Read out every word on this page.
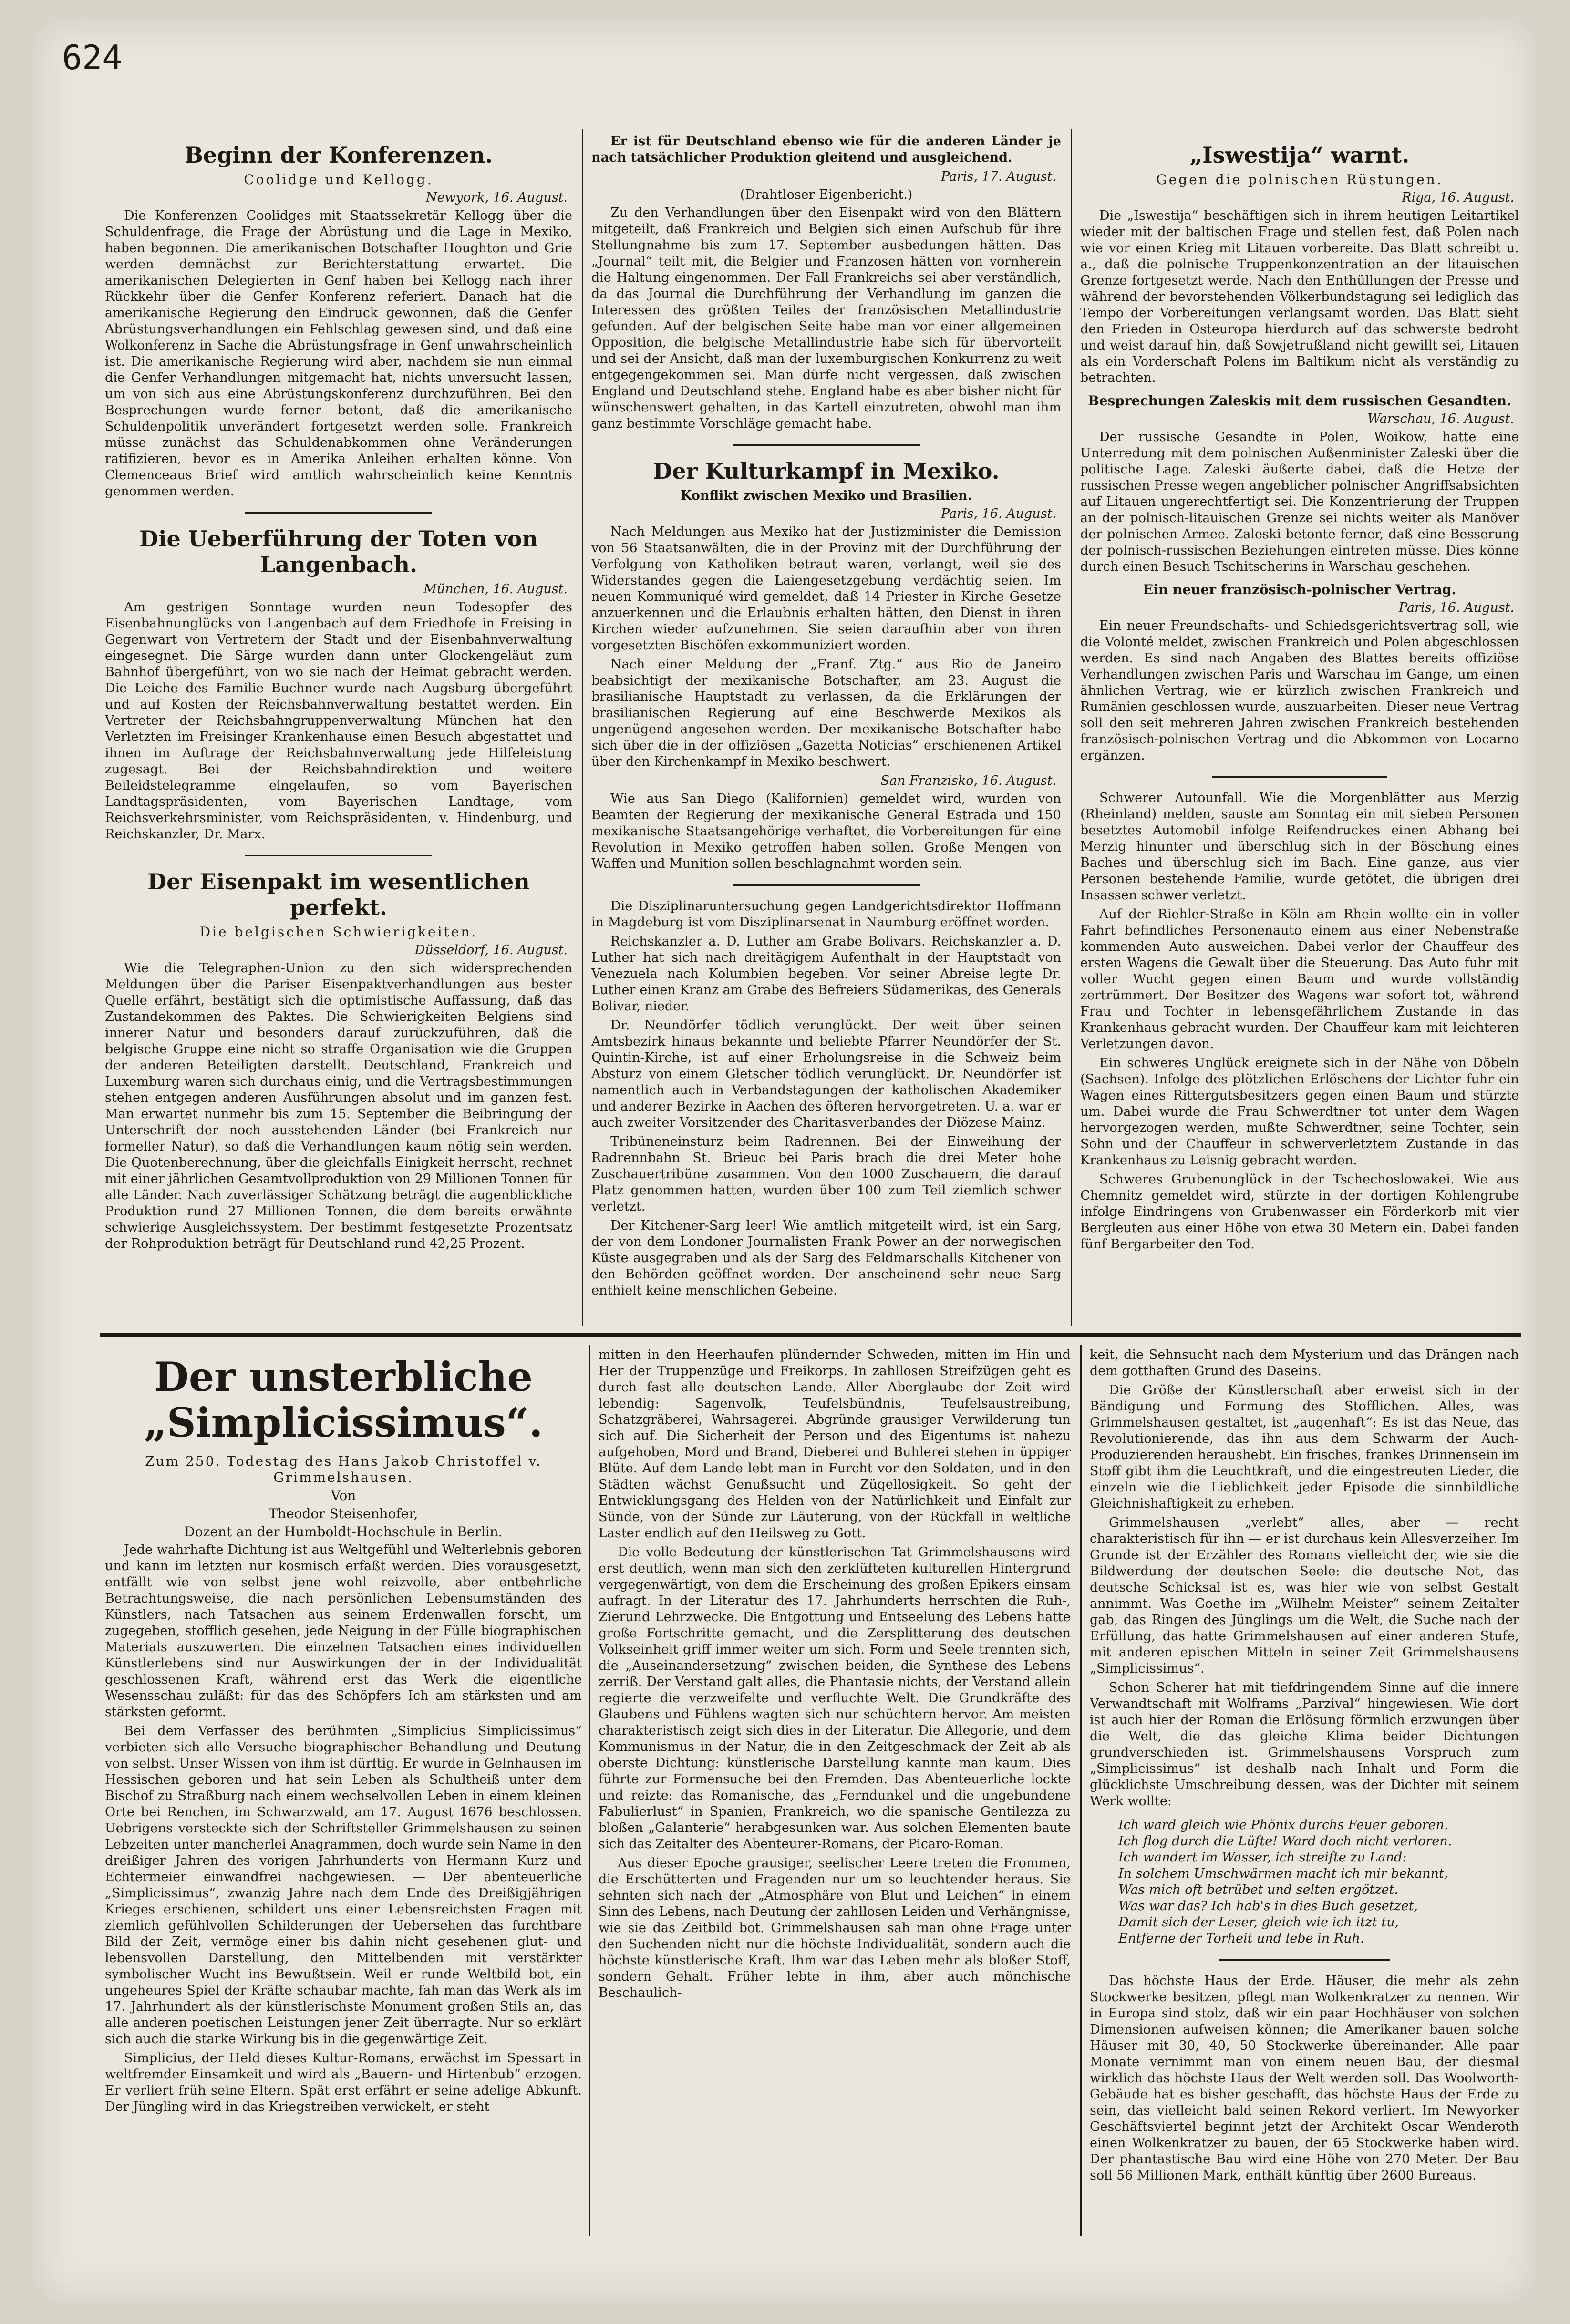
624
Beginn der Konferenzen.
Coolidge und Kellogg.
Newyork, 16. August.

Die Konferenzen Coolidges mit Staatssekretär Kellogg über die Schuldenfrage, die Frage der Abrüstung und die Lage in Mexiko, haben begonnen. Die amerikanischen Botschafter Houghton und Grie werden demnächst zur Berichterstattung erwartet. Die amerikanischen Delegierten in Genf haben bei Kellogg nach ihrer Rückkehr über die Genfer Konferenz referiert. Danach hat die amerikanische Regierung den Eindruck gewonnen, daß die Genfer Abrüstungsverhandlungen ein Fehlschlag gewesen sind, und daß eine Wolkonferenz in Sache die Abrüstungsfrage in Genf unwahrscheinlich ist. Die amerikanische Regierung wird aber, nachdem sie nun einmal die Genfer Verhandlungen mitgemacht hat, nichts unversucht lassen, um von sich aus eine Abrüstungskonferenz durchzuführen. Bei den Besprechungen wurde ferner betont, daß die amerikanische Schuldenpolitik unverändert fortgesetzt werden solle. Frankreich müsse zunächst das Schuldenabkommen ohne Veränderungen ratifizieren, bevor es in Amerika Anleihen erhalten könne. Von Clemenceaus Brief wird amtlich wahrscheinlich keine Kenntnis genommen werden.

Die Ueberführung der Toten von Langenbach.
München, 16. August.

Am gestrigen Sonntage wurden neun Todesopfer des Eisenbahnunglücks von Langenbach auf dem Friedhofe in Freising in Gegenwart von Vertretern der Stadt und der Eisenbahnverwaltung eingesegnet. Die Särge wurden dann unter Glockengeläut zum Bahnhof übergeführt, von wo sie nach der Heimat gebracht werden. Die Leiche des Familie Buchner wurde nach Augsburg übergeführt und auf Kosten der Reichsbahnverwaltung bestattet werden. Ein Vertreter der Reichsbahngruppenverwaltung München hat den Verletzten im Freisinger Krankenhause einen Besuch abgestattet und ihnen im Auftrage der Reichsbahnverwaltung jede Hilfeleistung zugesagt. Bei der Reichsbahndirektion und weitere Beileidstelegramme eingelaufen, so vom Bayerischen Landtagspräsidenten, vom Bayerischen Landtage, vom Reichsverkehrsminister, vom Reichspräsidenten, v. Hindenburg, und Reichskanzler, Dr. Marx.

Der Eisenpakt im wesentlichen perfekt.
Die belgischen Schwierigkeiten.
Düsseldorf, 16. August.

Wie die Telegraphen-Union zu den sich widersprechenden Meldungen über die Pariser Eisenpaktverhandlungen aus bester Quelle erfährt, bestätigt sich die optimistische Auffassung, daß das Zustandekommen des Paktes. Die Schwierigkeiten Belgiens sind innerer Natur und besonders darauf zurückzuführen, daß die belgische Gruppe eine nicht so straffe Organisation wie die Gruppen der anderen Beteiligten darstellt. Deutschland, Frankreich und Luxemburg waren sich durchaus einig, und die Vertragsbestimmungen stehen entgegen anderen Ausführungen absolut und im ganzen fest. Man erwartet nunmehr bis zum 15. September die Beibringung der Unterschrift der noch ausstehenden Länder (bei Frankreich nur formeller Natur), so daß die Verhandlungen kaum nötig sein werden. Die Quotenberechnung, über die gleichfalls Einigkeit herrscht, rechnet mit einer jährlichen Gesamtvollproduktion von 29 Millionen Tonnen für alle Länder. Nach zuverlässiger Schätzung beträgt die augenblickliche Produktion rund 27 Millionen Tonnen, die dem bereits erwähnte schwierige Ausgleichssystem. Der bestimmt festgesetzte Prozentsatz der Rohproduktion beträgt für Deutschland rund 42,25 Prozent.

Er ist für Deutschland ebenso wie für die anderen Länder je nach tatsächlicher Produktion gleitend und ausgleichend.

Paris, 17. August.
(Drahtloser Eigenbericht.)

Zu den Verhandlungen über den Eisenpakt wird von den Blättern mitgeteilt, daß Frankreich und Belgien sich einen Aufschub für ihre Stellungnahme bis zum 17. September ausbedungen hätten. Das „Journal“ teilt mit, die Belgier und Franzosen hätten von vornherein die Haltung eingenommen. Der Fall Frankreichs sei aber verständlich, da das Journal die Durchführung der Verhandlung im ganzen die Interessen des größten Teiles der französischen Metallindustrie gefunden. Auf der belgischen Seite habe man vor einer allgemeinen Opposition, die belgische Metallindustrie habe sich für übervorteilt und sei der Ansicht, daß man der luxemburgischen Konkurrenz zu weit entgegengekommen sei. Man dürfe nicht vergessen, daß zwischen England und Deutschland stehe. England habe es aber bisher nicht für wünschenswert gehalten, in das Kartell einzutreten, obwohl man ihm ganz bestimmte Vorschläge gemacht habe.

Der Kulturkampf in Mexiko.
Konflikt zwischen Mexiko und Brasilien.
Paris, 16. August.

Nach Meldungen aus Mexiko hat der Justizminister die Demission von 56 Staatsanwälten, die in der Provinz mit der Durchführung der Verfolgung von Katholiken betraut waren, verlangt, weil sie des Widerstandes gegen die Laiengesetzgebung verdächtig seien. Im neuen Kommuniqué wird gemeldet, daß 14 Priester in Kirche Gesetze anzuerkennen und die Erlaubnis erhalten hätten, den Dienst in ihren Kirchen wieder aufzunehmen. Sie seien daraufhin aber von ihren vorgesetzten Bischöfen exkommuniziert worden.

Nach einer Meldung der „Franf. Ztg.“ aus Rio de Janeiro beabsichtigt der mexikanische Botschafter, am 23. August die brasilianische Hauptstadt zu verlassen, da die Erklärungen der brasilianischen Regierung auf eine Beschwerde Mexikos als ungenügend angesehen werden. Der mexikanische Botschafter habe sich über die in der offiziösen „Gazetta Noticias“ erschienenen Artikel über den Kirchenkampf in Mexiko beschwert.

San Franzisko, 16. August.

Wie aus San Diego (Kalifornien) gemeldet wird, wurden von Beamten der Regierung der mexikanische General Estrada und 150 mexikanische Staatsangehörige verhaftet, die Vorbereitungen für eine Revolution in Mexiko getroffen haben sollen. Große Mengen von Waffen und Munition sollen beschlagnahmt worden sein.

Die Disziplinaruntersuchung gegen Landgerichtsdirektor Hoffmann in Magdeburg ist vom Disziplinarsenat in Naumburg eröffnet worden.

Reichskanzler a. D. Luther am Grabe Bolivars. Reichskanzler a. D. Luther hat sich nach dreitägigem Aufenthalt in der Hauptstadt von Venezuela nach Kolumbien begeben. Vor seiner Abreise legte Dr. Luther einen Kranz am Grabe des Befreiers Südamerikas, des Generals Bolivar, nieder.

Dr. Neundörfer tödlich verunglückt. Der weit über seinen Amtsbezirk hinaus bekannte und beliebte Pfarrer Neundörfer der St. Quintin-Kirche, ist auf einer Erholungsreise in die Schweiz beim Absturz von einem Gletscher tödlich verunglückt. Dr. Neundörfer ist namentlich auch in Verbandstagungen der katholischen Akademiker und anderer Bezirke in Aachen des öfteren hervorgetreten. U. a. war er auch zweiter Vorsitzender des Charitasverbandes der Diözese Mainz.

Tribüneneinsturz beim Radrennen. Bei der Einweihung der Radrennbahn St. Brieuc bei Paris brach die drei Meter hohe Zuschauertribüne zusammen. Von den 1000 Zuschauern, die darauf Platz genommen hatten, wurden über 100 zum Teil ziemlich schwer verletzt.

Der Kitchener-Sarg leer! Wie amtlich mitgeteilt wird, ist ein Sarg, der von dem Londoner Journalisten Frank Power an der norwegischen Küste ausgegraben und als der Sarg des Feldmarschalls Kitchener von den Behörden geöffnet worden. Der anscheinend sehr neue Sarg enthielt keine menschlichen Gebeine.

„Iswestija“ warnt.
Gegen die polnischen Rüstungen.
Riga, 16. August.

Die „Iswestija“ beschäftigen sich in ihrem heutigen Leitartikel wieder mit der baltischen Frage und stellen fest, daß Polen nach wie vor einen Krieg mit Litauen vorbereite. Das Blatt schreibt u. a., daß die polnische Truppenkonzentration an der litauischen Grenze fortgesetzt werde. Nach den Enthüllungen der Presse und während der bevorstehenden Völkerbundstagung sei lediglich das Tempo der Vorbereitungen verlangsamt worden. Das Blatt sieht den Frieden in Osteuropa hierdurch auf das schwerste bedroht und weist darauf hin, daß Sowjetrußland nicht gewillt sei, Litauen als ein Vorderschaft Polens im Baltikum nicht als verständig zu betrachten.

Besprechungen Zaleskis mit dem russischen Gesandten.
Warschau, 16. August.

Der russische Gesandte in Polen, Woikow, hatte eine Unterredung mit dem polnischen Außenminister Zaleski über die politische Lage. Zaleski äußerte dabei, daß die Hetze der russischen Presse wegen angeblicher polnischer Angriffsabsichten auf Litauen ungerechtfertigt sei. Die Konzentrierung der Truppen an der polnisch-litauischen Grenze sei nichts weiter als Manöver der polnischen Armee. Zaleski betonte ferner, daß eine Besserung der polnisch-russischen Beziehungen eintreten müsse. Dies könne durch einen Besuch Tschitscherins in Warschau geschehen.

Ein neuer französisch-polnischer Vertrag.
Paris, 16. August.

Ein neuer Freundschafts- und Schiedsgerichtsvertrag soll, wie die Volonté meldet, zwischen Frankreich und Polen abgeschlossen werden. Es sind nach Angaben des Blattes bereits offiziöse Verhandlungen zwischen Paris und Warschau im Gange, um einen ähnlichen Vertrag, wie er kürzlich zwischen Frankreich und Rumänien geschlossen wurde, auszuarbeiten. Dieser neue Vertrag soll den seit mehreren Jahren zwischen Frankreich bestehenden französisch-polnischen Vertrag und die Abkommen von Locarno ergänzen.

Schwerer Autounfall. Wie die Morgenblätter aus Merzig (Rheinland) melden, sauste am Sonntag ein mit sieben Personen besetztes Automobil infolge Reifendruckes einen Abhang bei Merzig hinunter und überschlug sich in der Böschung eines Baches und überschlug sich im Bach. Eine ganze, aus vier Personen bestehende Familie, wurde getötet, die übrigen drei Insassen schwer verletzt.

Auf der Riehler-Straße in Köln am Rhein wollte ein in voller Fahrt befindliches Personenauto einem aus einer Nebenstraße kommenden Auto ausweichen. Dabei verlor der Chauffeur des ersten Wagens die Gewalt über die Steuerung. Das Auto fuhr mit voller Wucht gegen einen Baum und wurde vollständig zertrümmert. Der Besitzer des Wagens war sofort tot, während Frau und Tochter in lebensgefährlichem Zustande in das Krankenhaus gebracht wurden. Der Chauffeur kam mit leichteren Verletzungen davon.

Ein schweres Unglück ereignete sich in der Nähe von Döbeln (Sachsen). Infolge des plötzlichen Erlöschens der Lichter fuhr ein Wagen eines Rittergutsbesitzers gegen einen Baum und stürzte um. Dabei wurde die Frau Schwerdtner tot unter dem Wagen hervorgezogen werden, mußte Schwerdtner, seine Tochter, sein Sohn und der Chauffeur in schwerverletztem Zustande in das Krankenhaus zu Leisnig gebracht werden.

Schweres Grubenunglück in der Tschechoslowakei. Wie aus Chemnitz gemeldet wird, stürzte in der dortigen Kohlengrube infolge Eindringens von Grubenwasser ein Förderkorb mit vier Bergleuten aus einer Höhe von etwa 30 Metern ein. Dabei fanden fünf Bergarbeiter den Tod.

Der unsterbliche „Simplicissimus“.
Zum 250. Todestag des Hans Jakob Christoffel v. Grimmelshausen.
Von
Theodor Steisenhofer,
Dozent an der Humboldt-Hochschule in Berlin.

Jede wahrhafte Dichtung ist aus Weltgefühl und Welterlebnis geboren und kann im letzten nur kosmisch erfaßt werden. Dies vorausgesetzt, entfällt wie von selbst jene wohl reizvolle, aber entbehrliche Betrachtungsweise, die nach persönlichen Lebensumständen des Künstlers, nach Tatsachen aus seinem Erdenwallen forscht, um zugegeben, stofflich gesehen, jede Neigung in der Fülle biographischen Materials auszuwerten. Die einzelnen Tatsachen eines individuellen Künstlerlebens sind nur Auswirkungen der in der Individualität geschlossenen Kraft, während erst das Werk die eigentliche Wesensschau zuläßt: für das des Schöpfers Ich am stärksten und am stärksten geformt.

Bei dem Verfasser des berühmten „Simplicius Simplicissimus“ verbieten sich alle Versuche biographischer Behandlung und Deutung von selbst. Unser Wissen von ihm ist dürftig. Er wurde in Gelnhausen im Hessischen geboren und hat sein Leben als Schultheiß unter dem Bischof zu Straßburg nach einem wechselvollen Leben in einem kleinen Orte bei Renchen, im Schwarzwald, am 17. August 1676 beschlossen. Uebrigens versteckte sich der Schriftsteller Grimmelshausen zu seinen Lebzeiten unter mancherlei Anagrammen, doch wurde sein Name in den dreißiger Jahren des vorigen Jahrhunderts von Hermann Kurz und Echtermeier einwandfrei nachgewiesen. — Der abenteuerliche „Simplicissimus“, zwanzig Jahre nach dem Ende des Dreißigjährigen Krieges erschienen, schildert uns einer Lebensreichsten Fragen mit ziemlich gefühlvollen Schilderungen der Uebersehen das furchtbare Bild der Zeit, vermöge einer bis dahin nicht gesehenen glut- und lebensvollen Darstellung, den Mittelbenden mit verstärkter symbolischer Wucht ins Bewußtsein. Weil er runde Weltbild bot, ein ungeheures Spiel der Kräfte schaubar machte, fah man das Werk als im 17. Jahrhundert als der künstlerischste Monument großen Stils an, das alle anderen poetischen Leistungen jener Zeit überragte. Nur so erklärt sich auch die starke Wirkung bis in die gegenwärtige Zeit.

Simplicius, der Held dieses Kultur-Romans, erwächst im Spessart in weltfremder Einsamkeit und wird als „Bauern- und Hirtenbub“ erzogen. Er verliert früh seine Eltern. Spät erst erfährt er seine adelige Abkunft. Der Jüngling wird in das Kriegstreiben verwickelt, er steht

mitten in den Heerhaufen plündernder Schweden, mitten im Hin und Her der Truppenzüge und Freikorps. In zahllosen Streifzügen geht es durch fast alle deutschen Lande. Aller Aberglaube der Zeit wird lebendig: Sagenvolk, Teufelsbündnis, Teufelsaustreibung, Schatzgräberei, Wahrsagerei. Abgründe grausiger Verwilderung tun sich auf. Die Sicherheit der Person und des Eigentums ist nahezu aufgehoben, Mord und Brand, Dieberei und Buhlerei stehen in üppiger Blüte. Auf dem Lande lebt man in Furcht vor den Soldaten, und in den Städten wächst Genußsucht und Zügellosigkeit. So geht der Entwicklungsgang des Helden von der Natürlichkeit und Einfalt zur Sünde, von der Sünde zur Läuterung, von der Rückfall in weltliche Laster endlich auf den Heilsweg zu Gott.

Die volle Bedeutung der künstlerischen Tat Grimmelshausens wird erst deutlich, wenn man sich den zerklüfteten kulturellen Hintergrund vergegenwärtigt, von dem die Erscheinung des großen Epikers einsam aufragt. In der Literatur des 17. Jahrhunderts herrschten die Ruh-, Zierund Lehrzwecke. Die Entgottung und Entseelung des Lebens hatte große Fortschritte gemacht, und die Zersplitterung des deutschen Volkseinheit griff immer weiter um sich. Form und Seele trennten sich, die „Auseinandersetzung“ zwischen beiden, die Synthese des Lebens zerriß. Der Verstand galt alles, die Phantasie nichts, der Verstand allein regierte die verzweifelte und verfluchte Welt. Die Grundkräfte des Glaubens und Fühlens wagten sich nur schüchtern hervor. Am meisten charakteristisch zeigt sich dies in der Literatur. Die Allegorie, und dem Kommunismus in der Natur, die in den Zeitgeschmack der Zeit ab als oberste Dichtung: künstlerische Darstellung kannte man kaum. Dies führte zur Formensuche bei den Fremden. Das Abenteuerliche lockte und reizte: das Romanische, das „Ferndunkel und die ungebundene Fabulierlust“ in Spanien, Frankreich, wo die spanische Gentilezza zu bloßen „Galanterie“ herabgesunken war. Aus solchen Elementen baute sich das Zeitalter des Abenteurer-Romans, der Picaro-Roman.

Aus dieser Epoche grausiger, seelischer Leere treten die Frommen, die Erschütterten und Fragenden nur um so leuchtender heraus. Sie sehnten sich nach der „Atmosphäre von Blut und Leichen“ in einem Sinn des Lebens, nach Deutung der zahllosen Leiden und Verhängnisse, wie sie das Zeitbild bot. Grimmelshausen sah man ohne Frage unter den Suchenden nicht nur die höchste Individualität, sondern auch die höchste künstlerische Kraft. Ihm war das Leben mehr als bloßer Stoff, sondern Gehalt. Früher lebte in ihm, aber auch mönchische Beschaulich-

keit, die Sehnsucht nach dem Mysterium und das Drängen nach dem gotthaften Grund des Daseins.

Die Größe der Künstlerschaft aber erweist sich in der Bändigung und Formung des Stofflichen. Alles, was Grimmelshausen gestaltet, ist „augenhaft“: Es ist das Neue, das Revolutionierende, das ihn aus dem Schwarm der Auch-Produzierenden heraushebt. Ein frisches, frankes Drinnensein im Stoff gibt ihm die Leuchtkraft, und die eingestreuten Lieder, die einzeln wie die Lieblichkeit jeder Episode die sinnbildliche Gleichnishaftigkeit zu erheben.

Grimmelshausen „verlebt“ alles, aber — recht charakteristisch für ihn — er ist durchaus kein Allesverzeiher. Im Grunde ist der Erzähler des Romans vielleicht der, wie sie die Bildwerdung der deutschen Seele: die deutsche Not, das deutsche Schicksal ist es, was hier wie von selbst Gestalt annimmt. Was Goethe im „Wilhelm Meister“ seinem Zeitalter gab, das Ringen des Jünglings um die Welt, die Suche nach der Erfüllung, das hatte Grimmelshausen auf einer anderen Stufe, mit anderen epischen Mitteln in seiner Zeit Grimmelshausens „Simplicissimus“.

Schon Scherer hat mit tiefdringendem Sinne auf die innere Verwandtschaft mit Wolframs „Parzival“ hingewiesen. Wie dort ist auch hier der Roman die Erlösung förmlich erzwungen über die Welt, die das gleiche Klima beider Dichtungen grundverschieden ist. Grimmelshausens Vorspruch zum „Simplicissimus“ ist deshalb nach Inhalt und Form die glücklichste Umschreibung dessen, was der Dichter mit seinem Werk wollte:

Ich ward gleich wie Phönix durchs Feuer geboren,
Ich flog durch die Lüfte! Ward doch nicht verloren.
Ich wandert im Wasser, ich streifte zu Land:
In solchem Umschwärmen macht ich mir bekannt,
Was mich oft betrübet und selten ergötzet.
Was war das? Ich hab's in dies Buch gesetzet,
Damit sich der Leser, gleich wie ich itzt tu,
Entferne der Torheit und lebe in Ruh.

Das höchste Haus der Erde. Häuser, die mehr als zehn Stockwerke besitzen, pflegt man Wolkenkratzer zu nennen. Wir in Europa sind stolz, daß wir ein paar Hochhäuser von solchen Dimensionen aufweisen können; die Amerikaner bauen solche Häuser mit 30, 40, 50 Stockwerke übereinander. Alle paar Monate vernimmt man von einem neuen Bau, der diesmal wirklich das höchste Haus der Welt werden soll. Das Woolworth-Gebäude hat es bisher geschafft, das höchste Haus der Erde zu sein, das vielleicht bald seinen Rekord verliert. Im Newyorker Geschäftsviertel beginnt jetzt der Architekt Oscar Wenderoth einen Wolkenkratzer zu bauen, der 65 Stockwerke haben wird. Der phantastische Bau wird eine Höhe von 270 Meter. Der Bau soll 56 Millionen Mark, enthält künftig über 2600 Bureaus.
